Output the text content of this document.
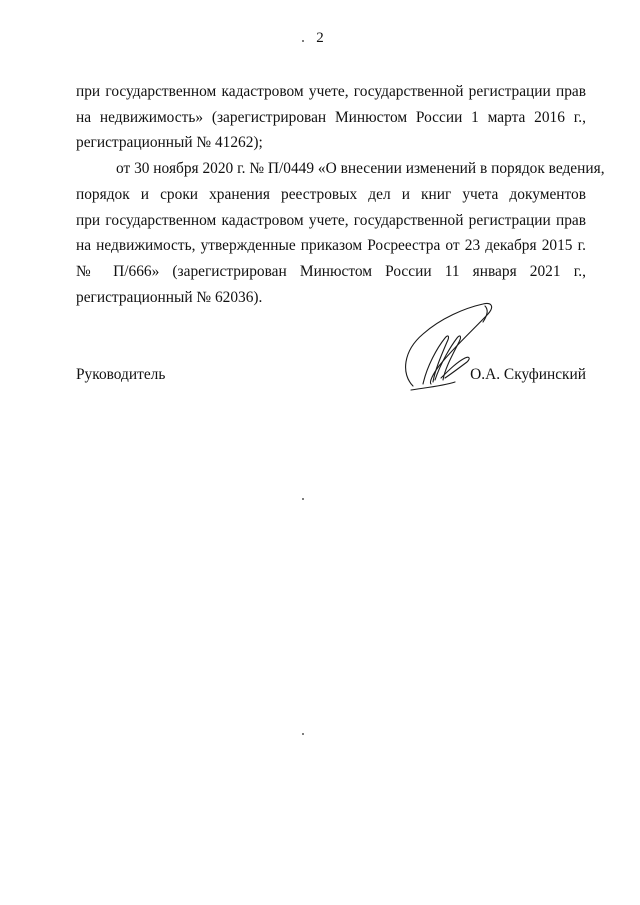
2
при государственном кадастровом учете, государственной регистрации прав
на недвижимость» (зарегистрирован Минюстом России 1 марта 2016 г.,
регистрационный № 41262);
от 30 ноября 2020 г. № П/0449 «О внесении изменений в порядок ведения,
порядок и сроки хранения реестровых дел и книг учета документов
при государственном кадастровом учете, государственной регистрации прав
на недвижимость, утвержденные приказом Росреестра от 23 декабря 2015 г.
№ П/666» (зарегистрирован Минюстом России 11 января 2021 г.,
регистрационный № 62036).
Руководитель	О.А. Скуфинский
